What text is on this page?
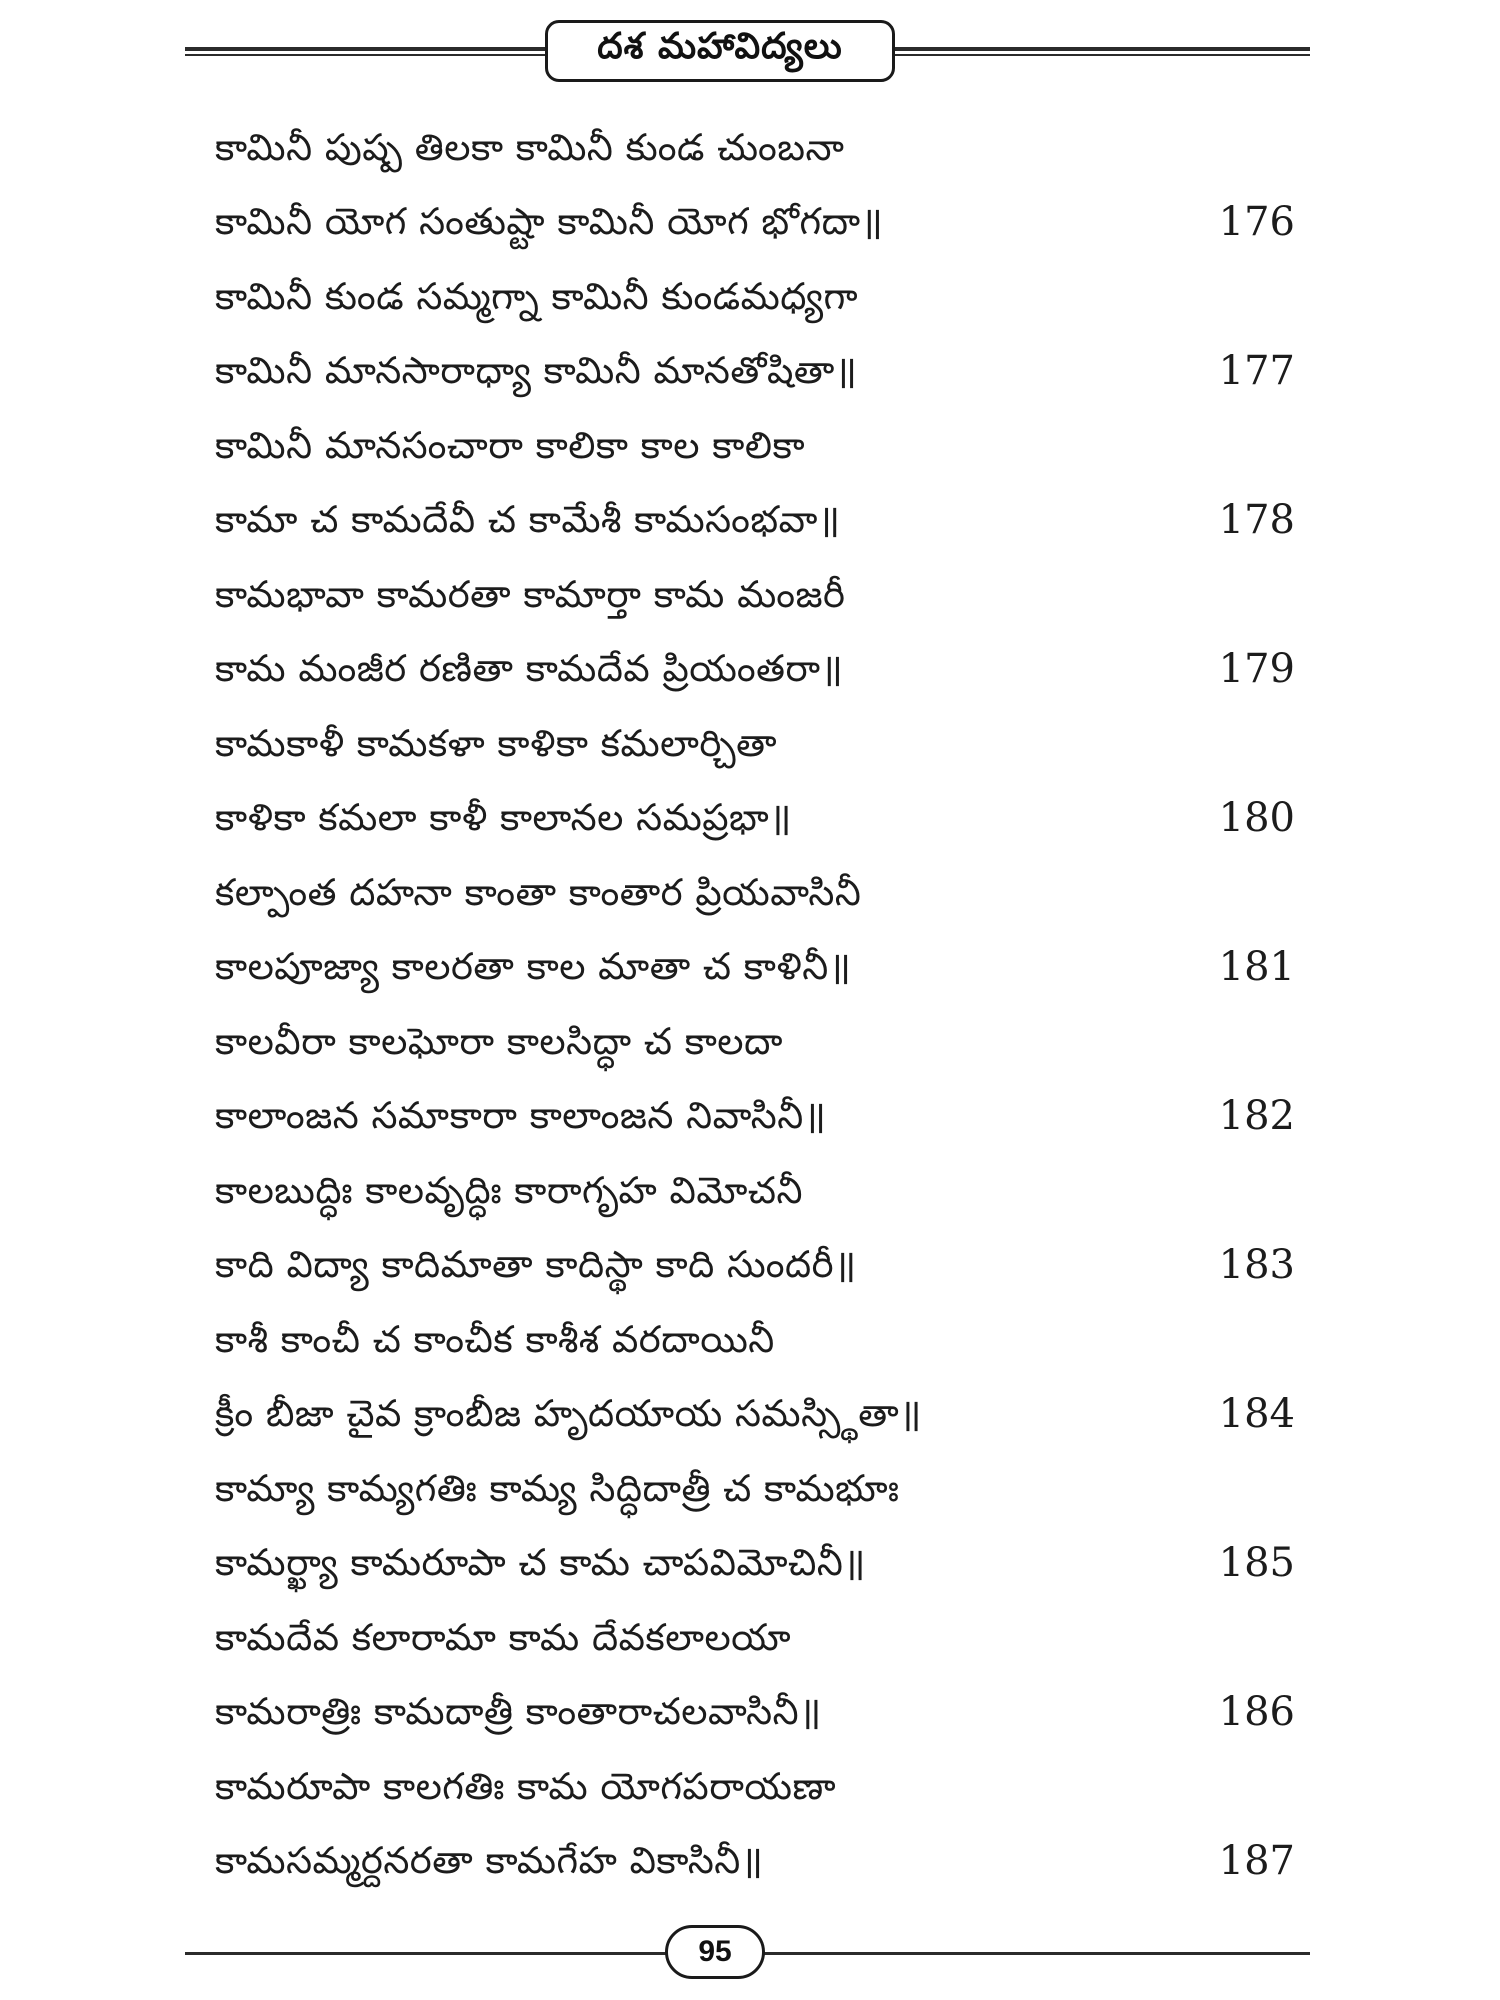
దశ మహావిద్యలు
కామినీ పుష్ప తిలకా కామినీ కుండ చుంబనా
కామినీ యోగ సంతుష్టా కామినీ యోగ భోగదా॥	176
కామినీ కుండ సమ్మగ్నా కామినీ కుండమధ్యగా
కామినీ మానసారాధ్యా కామినీ మానతోషితా॥	177
కామినీ మానసంచారా కాలికా కాల కాలికా
కామా చ కామదేవీ చ కామేశీ కామసంభవా॥	178
కామభావా కామరతా కామార్తా కామ మంజరీ
కామ మంజీర రణితా కామదేవ ప్రియంతరా॥	179
కామకాళీ కామకళా కాళికా కమలార్చితా
కాళికా కమలా కాళీ కాలానల సమప్రభా॥	180
కల్పాంత దహనా కాంతా కాంతార ప్రియవాసినీ
కాలపూజ్యా కాలరతా కాల మాతా చ కాళినీ॥	181
కాలవీరా కాలఘోరా కాలసిద్ధా చ కాలదా
కాలాంజన సమాకారా కాలాంజన నివాసినీ॥	182
కాలబుద్ధిః కాలవృద్ధిః కారాగృహ విమోచనీ
కాది విద్యా కాదిమాతా కాదిస్థా కాది సుందరీ॥	183
కాశీ కాంచీ చ కాంచీక కాశీశ వరదాయినీ
క్రీం బీజా చైవ క్రాంబీజ హృదయాయ సమస్స్థితా॥	184
కామ్యా కామ్యగతిః కామ్య సిద్ధిదాత్రీ చ కామభూః
కామర్ఖ్యా కామరూపా చ కామ చాపవిమోచినీ॥	185
కామదేవ కలారామా కామ దేవకలాలయా
కామరాత్రిః కామదాత్రీ కాంతారాచలవాసినీ॥	186
కామరూపా కాలగతిః కామ యోగపరాయణా
కామసమ్మర్దనరతా కామగేహ వికాసినీ॥	187
95
